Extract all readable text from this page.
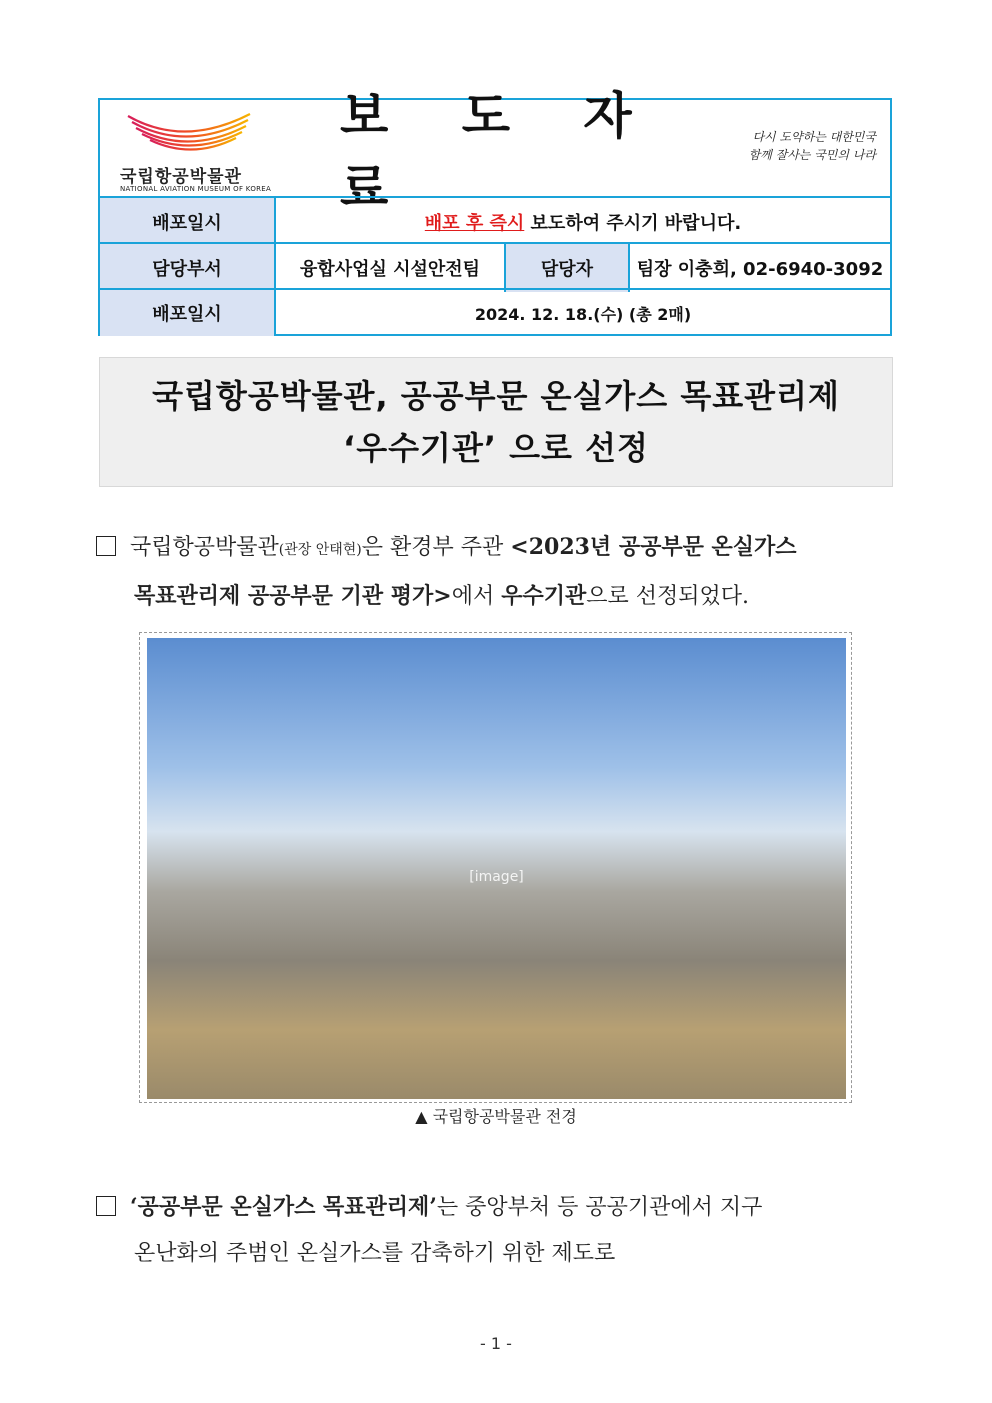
국립항공박물관
NATIONAL AVIATION MUSEUM OF KOREA
보 도 자 료
다시 도약하는 대한민국
함께 잘사는 국민의 나라
배포일시	배포 후 즉시 보도하여 주시기 바랍니다.
담당부서	융합사업실 시설안전팀	담당자	팀장 이충희, 02-6940-3092
배포일시	2024. 12. 18.(수) (총 2매)
국립항공박물관, 공공부문 온실가스 목표관리제
‘우수기관’ 으로 선정
국립항공박물관(관장 안태현)은 환경부 주관 <2023년 공공부문 온실가스
목표관리제 공공부문 기관 평가>에서 우수기관으로 선정되었다.
[image]
▲ 국립항공박물관 전경
‘공공부문 온실가스 목표관리제’는 중앙부처 등 공공기관에서 지구
온난화의 주범인 온실가스를 감축하기 위한 제도로
- 1 -
